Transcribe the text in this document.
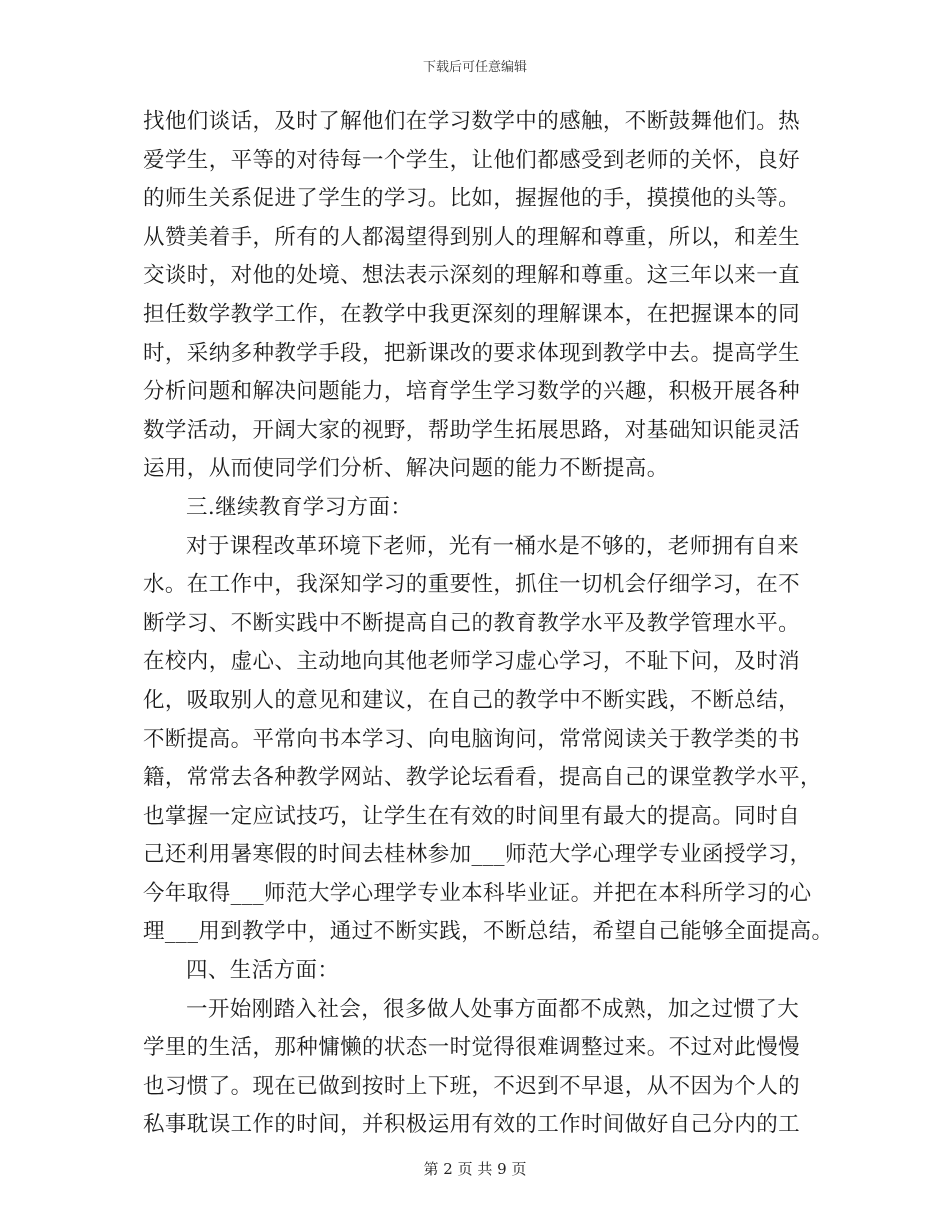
下载后可任意编辑
找他们谈话，及时了解他们在学习数学中的感触，不断鼓舞他们。热
爱学生，平等的对待每一个学生，让他们都感受到老师的关怀，良好
的师生关系促进了学生的学习。比如，握握他的手，摸摸他的头等。
从赞美着手，所有的人都渴望得到别人的理解和尊重，所以，和差生
交谈时，对他的处境、想法表示深刻的理解和尊重。这三年以来一直
担任数学教学工作，在教学中我更深刻的理解课本，在把握课本的同
时，采纳多种教学手段，把新课改的要求体现到教学中去。提高学生
分析问题和解决问题能力，培育学生学习数学的兴趣，积极开展各种
数学活动，开阔大家的视野，帮助学生拓展思路，对基础知识能灵活
运用，从而使同学们分析、解决问题的能力不断提高。
三.继续教育学习方面：
对于课程改革环境下老师，光有一桶水是不够的，老师拥有自来
水。在工作中，我深知学习的重要性，抓住一切机会仔细学习，在不
断学习、不断实践中不断提高自己的教育教学水平及教学管理水平。
在校内，虚心、主动地向其他老师学习虚心学习，不耻下问，及时消
化，吸取别人的意见和建议，在自己的教学中不断实践，不断总结，
不断提高。平常向书本学习、向电脑询问，常常阅读关于教学类的书
籍，常常去各种教学网站、教学论坛看看，提高自己的课堂教学水平，
也掌握一定应试技巧，让学生在有效的时间里有最大的提高。同时自
己还利用暑寒假的时间去桂林参加___师范大学心理学专业函授学习，
今年取得___师范大学心理学专业本科毕业证。并把在本科所学习的心
理___用到教学中，通过不断实践，不断总结，希望自己能够全面提高。
四、生活方面：
一开始刚踏入社会，很多做人处事方面都不成熟，加之过惯了大
学里的生活，那种慵懒的状态一时觉得很难调整过来。不过对此慢慢
也习惯了。现在已做到按时上下班，不迟到不早退，从不因为个人的
私事耽误工作的时间，并积极运用有效的工作时间做好自己分内的工
第 2 页 共 9 页
